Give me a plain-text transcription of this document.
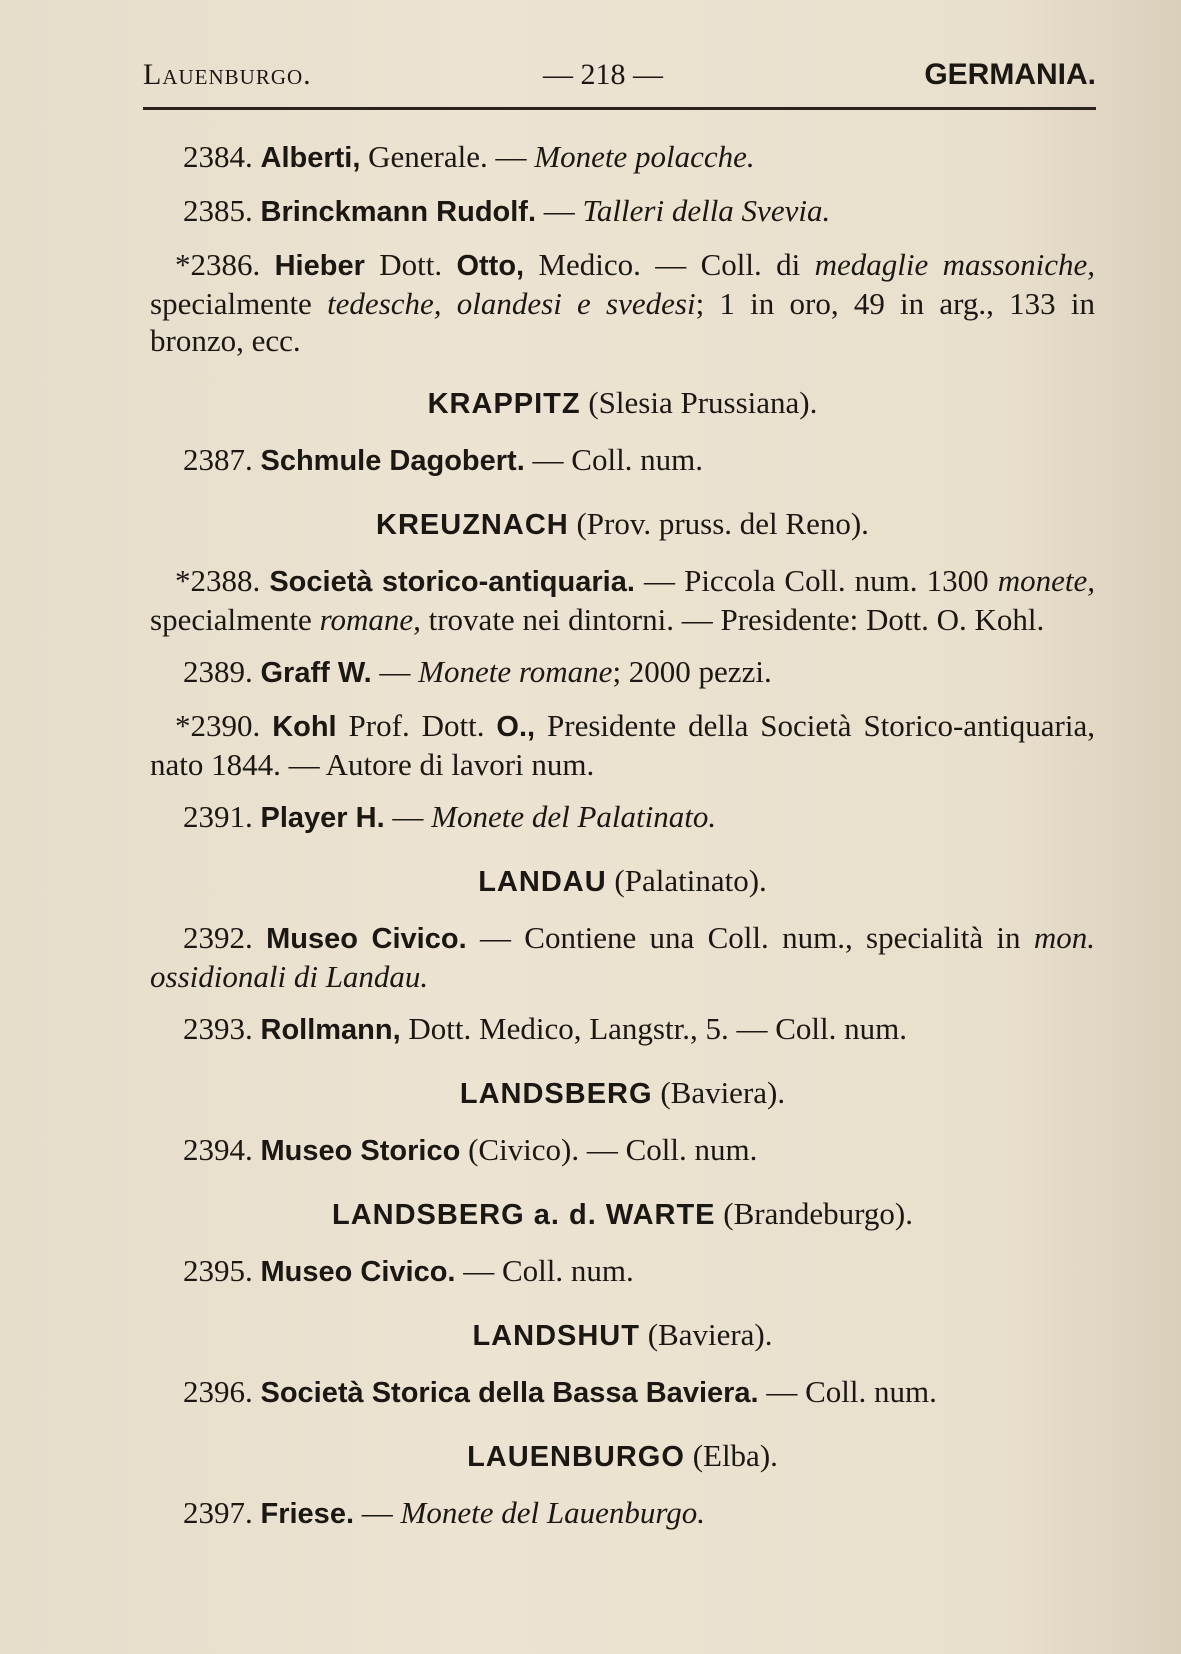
Lauenburgo.	— 218 —	GERMANIA.

2384. Alberti, Generale. — Monete polacche.

2385. Brinckmann Rudolf. — Talleri della Svevia.

*2386. Hieber Dott. Otto, Medico. — Coll. di medaglie massoniche, specialmente tedesche, olandesi e svedesi; 1 in oro, 49 in arg., 133 in bronzo, ecc.

KRAPPITZ (Slesia Prussiana).

2387. Schmule Dagobert. — Coll. num.

KREUZNACH (Prov. pruss. del Reno).

*2388. Società storico-antiquaria. — Piccola Coll. num. 1300 monete, specialmente romane, trovate nei dintorni. — Presidente: Dott. O. Kohl.

2389. Graff W. — Monete romane; 2000 pezzi.

*2390. Kohl Prof. Dott. O., Presidente della Società Storico-antiquaria, nato 1844. — Autore di lavori num.

2391. Player H. — Monete del Palatinato.

LANDAU (Palatinato).

2392. Museo Civico. — Contiene una Coll. num., specialità in mon. ossidionali di Landau.

2393. Rollmann, Dott. Medico, Langstr., 5. — Coll. num.

LANDSBERG (Baviera).

2394. Museo Storico (Civico). — Coll. num.

LANDSBERG a. d. WARTE (Brandeburgo).

2395. Museo Civico. — Coll. num.

LANDSHUT (Baviera).

2396. Società Storica della Bassa Baviera. — Coll. num.

LAUENBURGO (Elba).

2397. Friese. — Monete del Lauenburgo.
